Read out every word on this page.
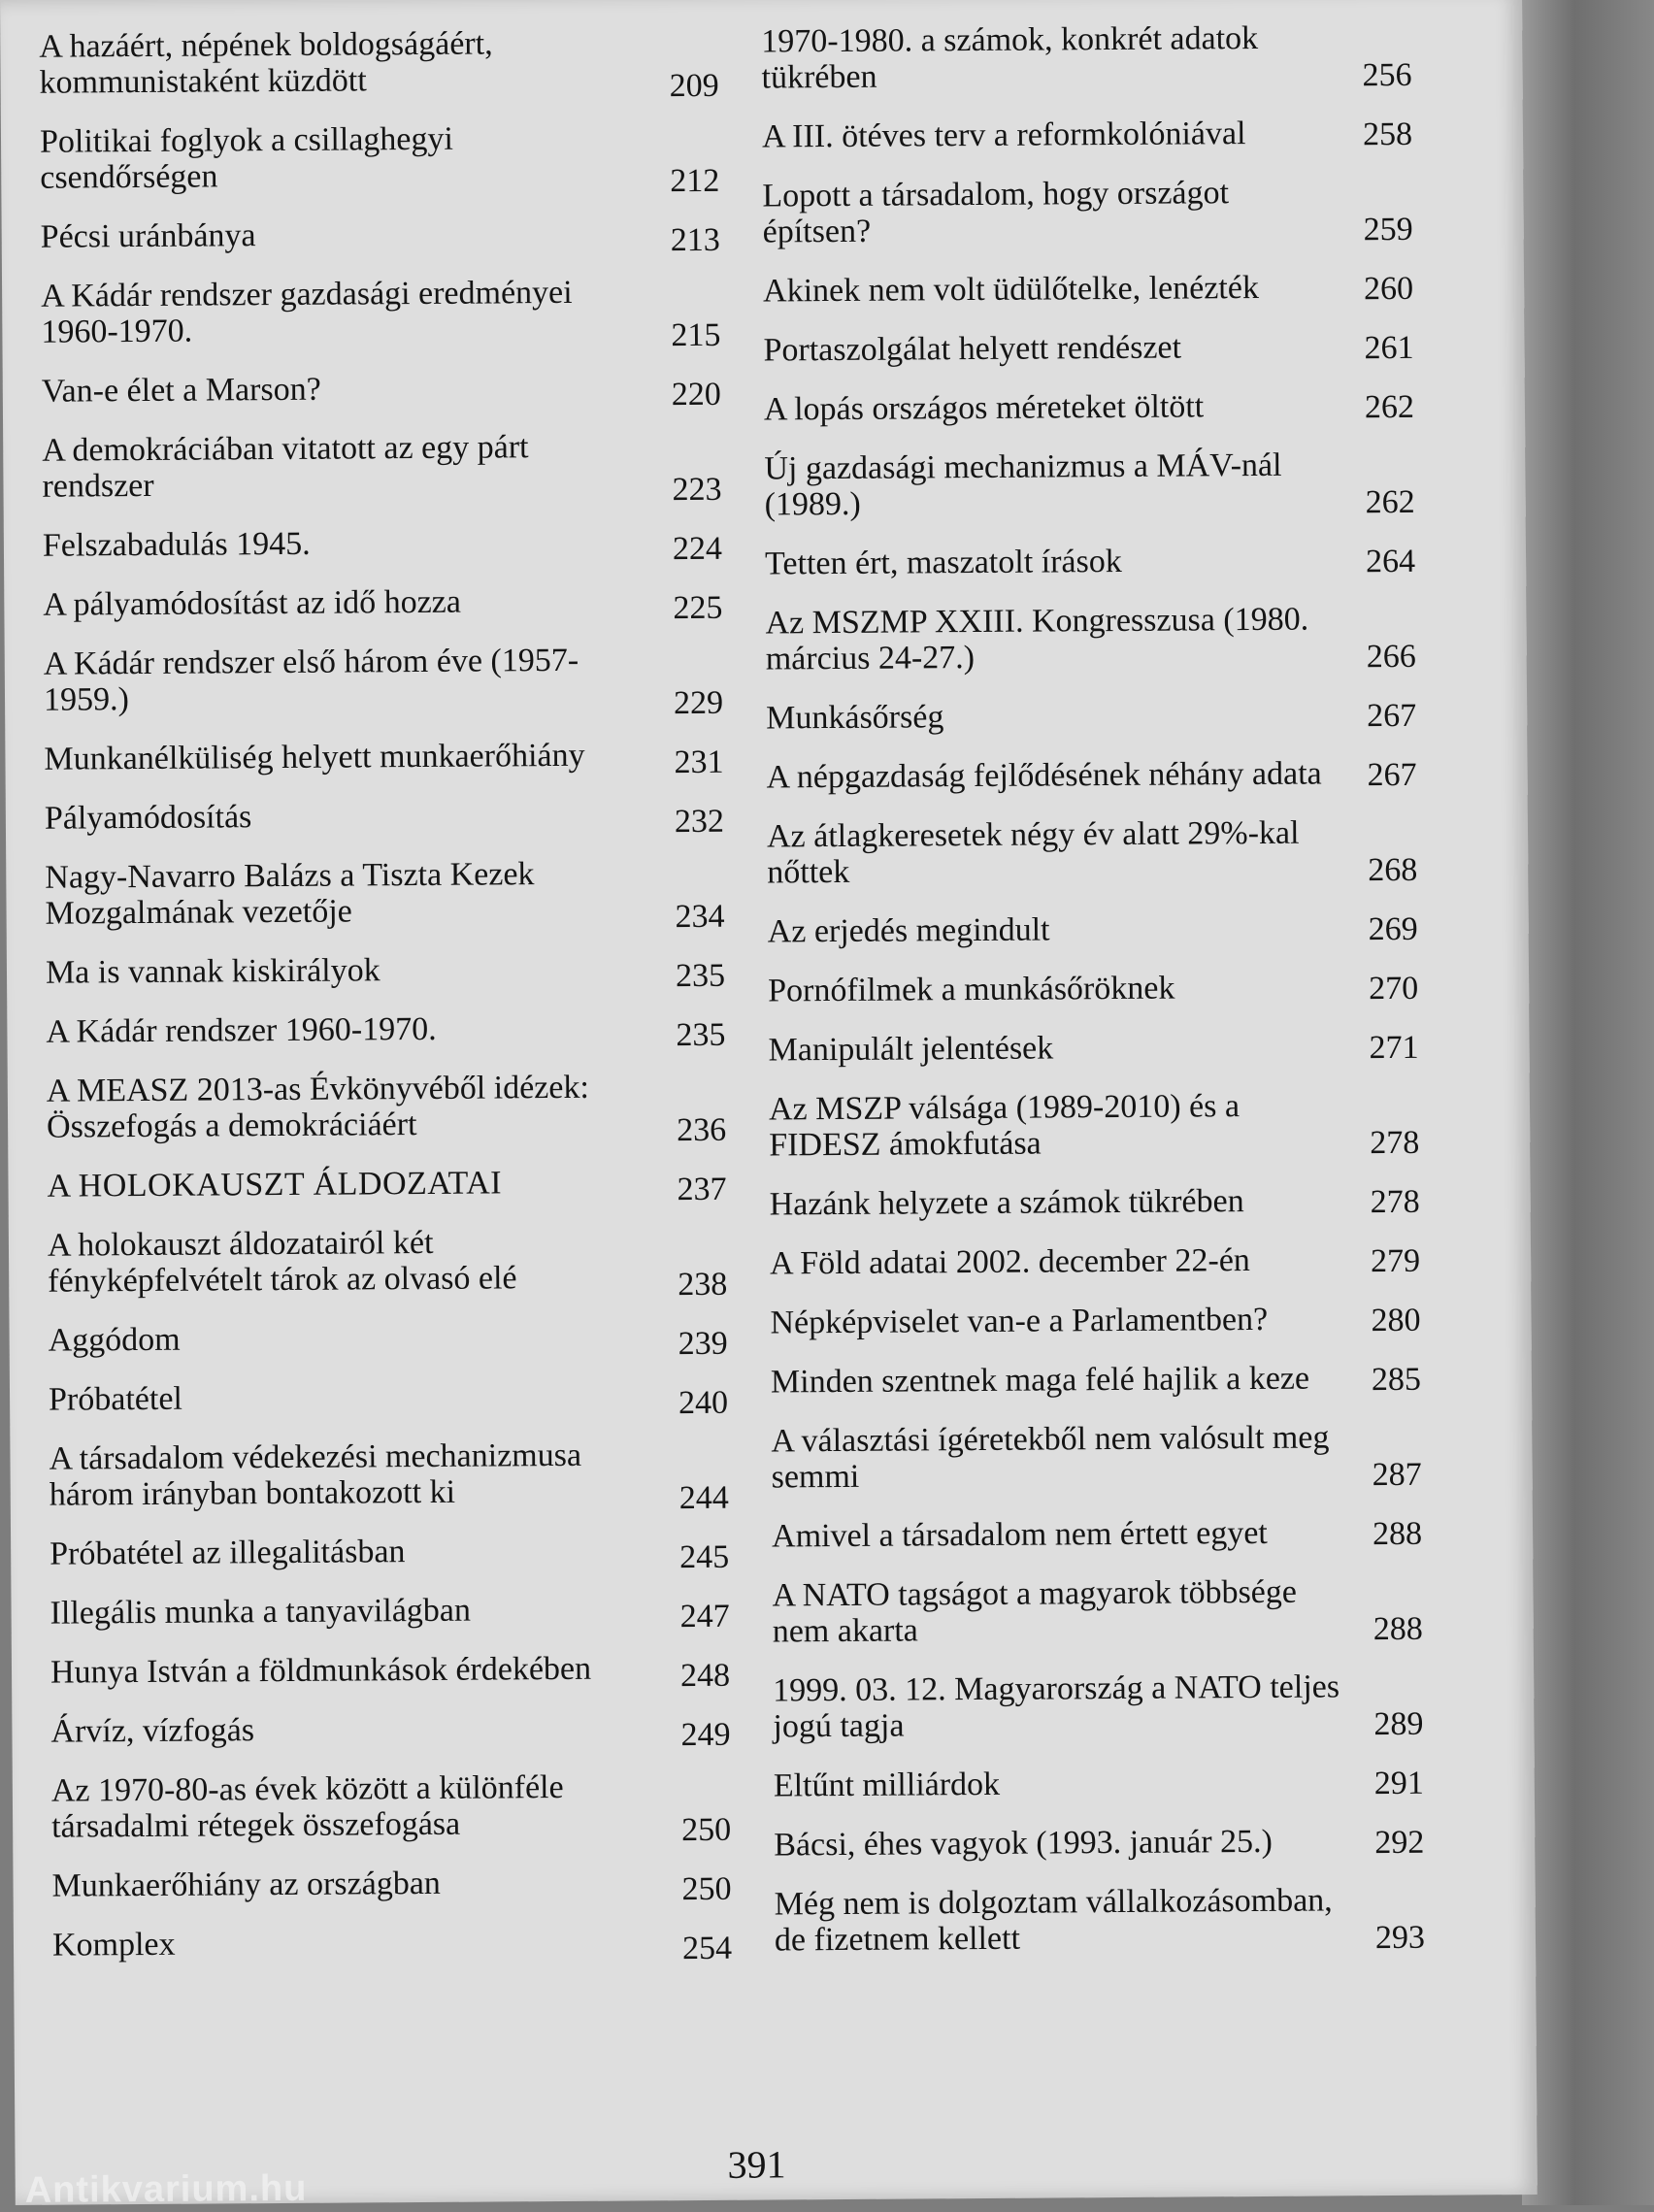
A hazáért, népének boldogságáért, kommunistaként küzdött	209
Politikai foglyok a csillaghegyi csendőrségen	212
Pécsi uránbánya	213
A Kádár rendszer gazdasági eredményei 1960-1970.	215
Van-e élet a Marson?	220
A demokráciában vitatott az egy párt rendszer	223
Felszabadulás 1945.	224
A pályamódosítást az idő hozza	225
A Kádár rendszer első három éve (1957-1959.)	229
Munkanélküliség helyett munkaerőhiány	231
Pályamódosítás	232
Nagy-Navarro Balázs a Tiszta Kezek Mozgalmának vezetője	234
Ma is vannak kiskirályok	235
A Kádár rendszer 1960-1970.	235
A MEASZ 2013-as Évkönyvéből idézek: Összefogás a demokráciáért	236
A HOLOKAUSZT ÁLDOZATAI	237
A holokauszt áldozatairól két fényképfelvételt tárok az olvasó elé	238
Aggódom	239
Próbatétel	240
A társadalom védekezési mechanizmusa három irányban bontakozott ki	244
Próbatétel az illegalitásban	245
Illegális munka a tanyavilágban	247
Hunya István a földmunkások érdekében	248
Árvíz, vízfogás	249
Az 1970-80-as évek között a különféle társadalmi rétegek összefogása	250
Munkaerőhiány az országban	250
Komplex	254
1970-1980. a számok, konkrét adatok tükrében	256
A III. ötéves terv a reformkolóniával	258
Lopott a társadalom, hogy országot építsen?	259
Akinek nem volt üdülőtelke, lenézték	260
Portaszolgálat helyett rendészet	261
A lopás országos méreteket öltött	262
Új gazdasági mechanizmus a MÁV-nál (1989.)	262
Tetten ért, maszatolt írások	264
Az MSZMP XXIII. Kongresszusa (1980. március 24-27.)	266
Munkásőrség	267
A népgazdaság fejlődésének néhány adata	267
Az átlagkeresetek négy év alatt 29%-kal nőttek	268
Az erjedés megindult	269
Pornófilmek a munkásőröknek	270
Manipulált jelentések	271
Az MSZP válsága (1989-2010) és a FIDESZ ámokfutása	278
Hazánk helyzete a számok tükrében	278
A Föld adatai 2002. december 22-én	279
Népképviselet van-e a Parlamentben?	280
Minden szentnek maga felé hajlik a keze	285
A választási ígéretekből nem valósult meg semmi	287
Amivel a társadalom nem értett egyet	288
A NATO tagságot a magyarok többsége nem akarta	288
1999. 03. 12. Magyarország a NATO teljes jogú tagja	289
Eltűnt milliárdok	291
Bácsi, éhes vagyok (1993. január 25.)	292
Még nem is dolgoztam vállalkozásomban, de fizetnem kellett	293
391
Antikvarium.hu
